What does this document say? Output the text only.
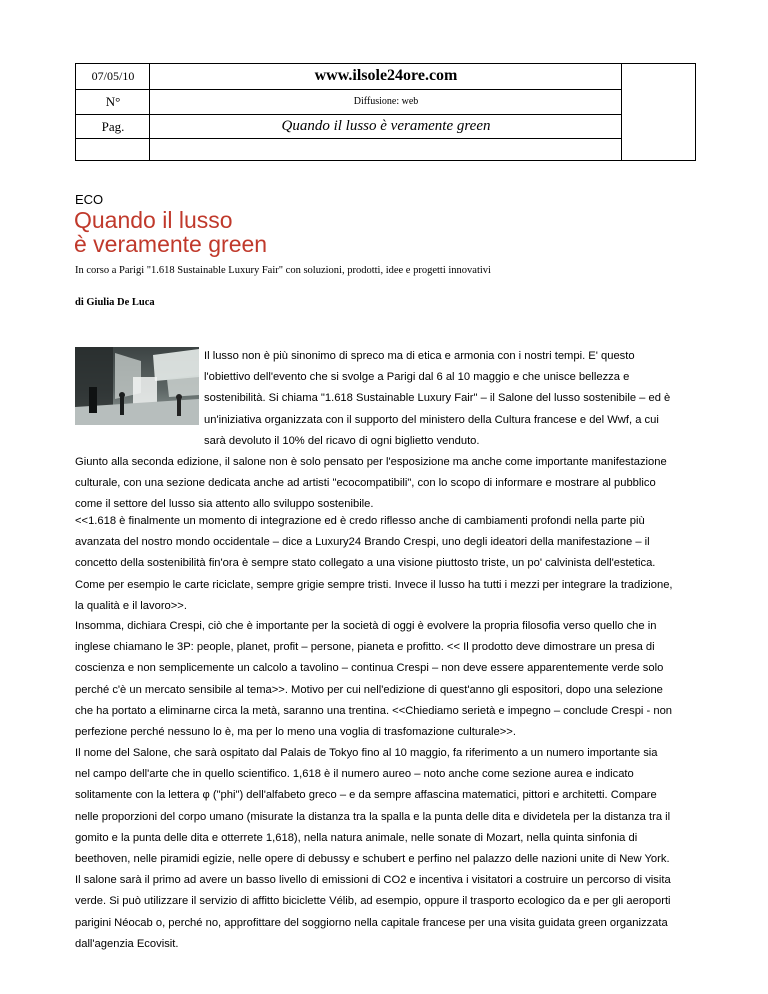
07/05/10	www.ilsole24ore.com
N°	Diffusione: web
Pag.	Quando il lusso è veramente green
ECO
Quando il lusso
è veramente green
In corso a Parigi "1.618 Sustainable Luxury Fair" con soluzioni, prodotti, idee e progetti innovativi
di Giulia De Luca
Il lusso non è più sinonimo di spreco ma di etica e armonia con i nostri tempi. E' questo
l'obiettivo dell'evento che si svolge a Parigi dal 6 al 10 maggio e che unisce bellezza e
sostenibilità. Si chiama "1.618 Sustainable Luxury Fair" – il Salone del lusso sostenibile – ed è
un'iniziativa organizzata con il supporto del ministero della Cultura francese e del Wwf, a cui
sarà devoluto il 10% del ricavo di ogni biglietto venduto.
Giunto alla seconda edizione, il salone non è solo pensato per l'esposizione ma anche come importante manifestazione
culturale, con una sezione dedicata anche ad artisti "ecocompatibili", con lo scopo di informare e mostrare al pubblico
come il settore del lusso sia attento allo sviluppo sostenibile.
<<1.618 è finalmente un momento di integrazione ed è credo riflesso anche di cambiamenti profondi nella parte più
avanzata del nostro mondo occidentale – dice a Luxury24 Brando Crespi, uno degli ideatori della manifestazione – il
concetto della sostenibilità fin'ora è sempre stato collegato a una visione piuttosto triste, un po' calvinista dell'estetica.
Come per esempio le carte riciclate, sempre grigie sempre tristi. Invece il lusso ha tutti i mezzi per integrare la tradizione,
la qualità e il lavoro>>.
Insomma, dichiara Crespi, ciò che è importante per la società di oggi è evolvere la propria filosofia verso quello che in
inglese chiamano le 3P: people, planet, profit – persone, pianeta e profitto. << Il prodotto deve dimostrare un presa di
coscienza e non semplicemente un calcolo a tavolino – continua Crespi – non deve essere apparentemente verde solo
perché c'è un mercato sensibile al tema>>. Motivo per cui nell'edizione di quest'anno gli espositori, dopo una selezione
che ha portato a eliminarne circa la metà, saranno una trentina. <<Chiediamo serietà e impegno – conclude Crespi - non
perfezione perché nessuno lo è, ma per lo meno una voglia di trasfomazione culturale>>.
Il nome del Salone, che sarà ospitato dal Palais de Tokyo fino al 10 maggio, fa riferimento a un numero importante sia
nel campo dell'arte che in quello scientifico. 1,618 è il numero aureo – noto anche come sezione aurea e indicato
solitamente con la lettera φ ("phi") dell'alfabeto greco – e da sempre affascina matematici, pittori e architetti. Compare
nelle proporzioni del corpo umano (misurate la distanza tra la spalla e la punta delle dita e dividetela per la distanza tra il
gomito e la punta delle dita e otterrete 1,618), nella natura animale, nelle sonate di Mozart, nella quinta sinfonia di
beethoven, nelle piramidi egizie, nelle opere di debussy e schubert e perfino nel palazzo delle nazioni unite di New York.
Il salone sarà il primo ad avere un basso livello di emissioni di CO2 e incentiva i visitatori a costruire un percorso di visita
verde. Si può utilizzare il servizio di affitto biciclette Vélib, ad esempio, oppure il trasporto ecologico da e per gli aeroporti
parigini Néocab o, perché no, approfittare del soggiorno nella capitale francese per una visita guidata green organizzata
dall'agenzia Ecovisit.
